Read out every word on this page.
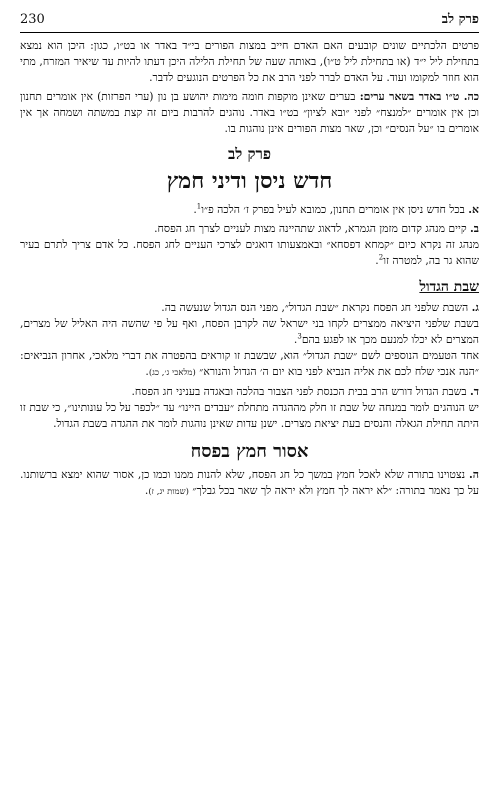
פרק לב
230

פרטים הלכתיים שונים קובעים האם האדם חייב במצות הפורים בי״ד באדר או בט״ו, כגון: היכן הוא נמצא בתחילת ליל י״ד (או בתחילת ליל ט״ו), באותה שעה של תחילת הלילה היכן דעתו להיות עד שיאיר המזרח, מתי הוא חוזר למקומו ועוד. על האדם לברר לפני הרב את כל הפרטים הנוגעים לדבר.

כה. ט״ו באדר בשאר ערים: בערים שאינן מוקפות חומה מימות יהושע בן נון (ערי הפרזות) אין אומרים תחנון וכן אין אומרים ״למנצח״ לפני ״ובא לציון״ בט״ו באדר. נוהגים להרבות ביום זה קצת במשתה ושמחה אך אין אומרים בו ״על הנסים״ וכן, שאר מצות הפורים אינן נוהגות בו.

פרק לב
חדש ניסן ודיני חמץ

א. בכל חדש ניסן אין אומרים תחנון, כמובא לעיל בפרק ז׳ הלכה פ״ו$^1$.

ב. קיים מנהג קדום מזמן הגמרא, לדאוג שתהיינה מצות לעניים לצרך חג הפסח.

מנהג זה נקרא כיום ״קמחא דפסחא״ ובאמצעותו דואגים לצרכי העניים לחג הפסח. כל אדם צריך לתרם בעיר שהוא גר בה, למטרה זו$^2$.

שבת הגדול

ג. השבת שלפני חג הפסח נקראת ״שבת הגדול״, מפני הנס הגדול שנעשה בה.

בשבת שלפני היציאה ממצרים לקחו בני ישראל שה לקרבן הפסח, ואף על פי שהשה היה האליל של מצרים, המצרים לא יכלו למנעם מכך או לפגע בהם$^3$.

אחד הטעמים הנוספים לשם ״שבת הגדול״ הוא, שבשבת זו קוראים בהפטרה את דברי מלאכי, אחרון הנביאים: ״הנה אנכי שלח לכם את אליה הנביא לפני בוא יום ה׳ הגדול והנורא״ (מלאכי ג׳, כג).

ד. בשבת הגדול דורש הרב בבית הכנסת לפני הצבור בהלכה ובאגדה בעניני חג הפסח.

יש הנוהגים לומר במנחה של שבת זו חלק מההגדה מתחלת ״עבדים היינו״ עד ״לכפר על כל עונותינו״, כי שבת זו היתה תחילת הגאלה והנסים בעת יציאת מצרים. ישנן עדות שאינן נוהגות לומר את ההגדה בשבת הגדול.

אסור חמץ בפסח

ה. נצטוינו בתורה שלא לאכל חמץ במשך כל חג הפסח, שלא להנות ממנו וכמו כן, אסור שהוא ימצא ברשותנו. על כך נאמר בתורה: ״לא יראה לך חמץ ולא יראה לך שאר בכל גבלך״ (שמות יג, ז).
